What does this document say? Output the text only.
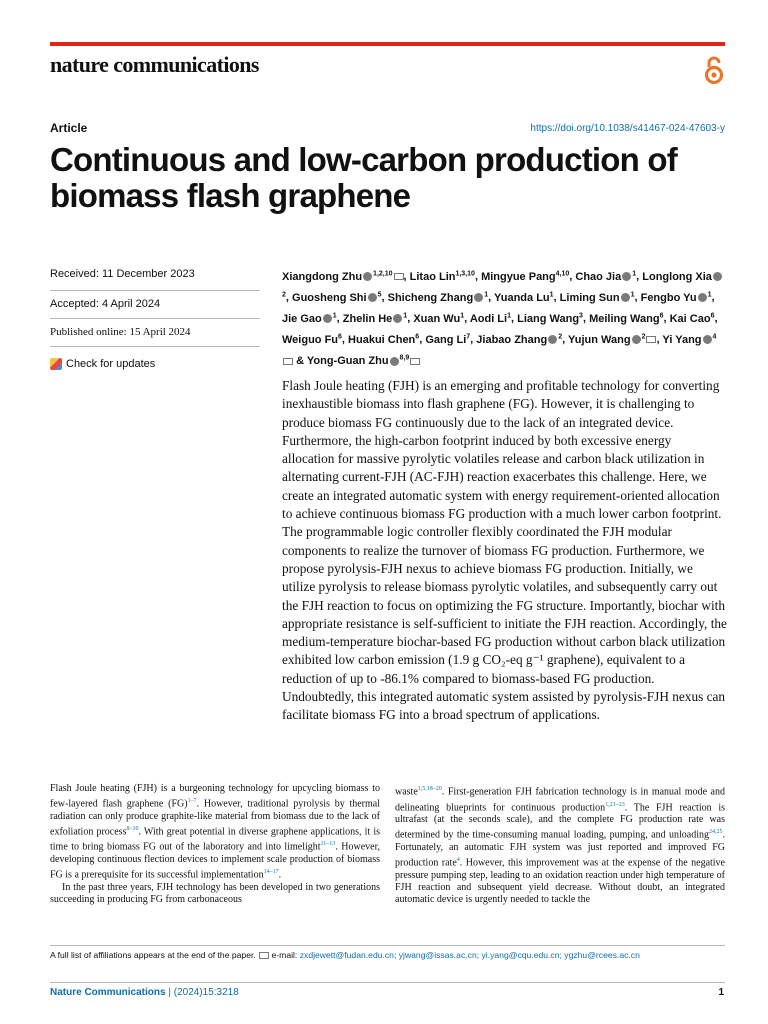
nature communications
Article	https://doi.org/10.1038/s41467-024-47603-y
Continuous and low-carbon production of biomass flash graphene
Received: 11 December 2023
Accepted: 4 April 2024
Published online: 15 April 2024
Check for updates
Xiangdong Zhu $^{1,2,10}$ , Litao Lin$^{1,3,10}$, Mingyue Pang$^{4,10}$, Chao Jia $^1$, Longlong Xia$^2$, Guosheng Shi $^5$, Shicheng Zhang $^1$, Yuanda Lu$^1$, Liming Sun $^1$, Fengbo Yu $^1$, Jie Gao $^1$, Zhelin He $^1$, Xuan Wu$^1$, Aodi Li$^1$, Liang Wang$^3$, Meiling Wang$^6$, Kai Cao$^6$, Weiguo Fu$^6$, Huakui Chen$^6$, Gang Li$^7$, Jiabao Zhang $^2$, Yujun Wang $^2$ , Yi Yang $^4$ & Yong-Guan Zhu $^{8,9}$
Flash Joule heating (FJH) is an emerging and profitable technology for converting inexhaustible biomass into flash graphene (FG). However, it is challenging to produce biomass FG continuously due to the lack of an integrated device. Furthermore, the high-carbon footprint induced by both excessive energy allocation for massive pyrolytic volatiles release and carbon black utilization in alternating current-FJH (AC-FJH) reaction exacerbates this challenge. Here, we create an integrated automatic system with energy requirement-oriented allocation to achieve continuous biomass FG production with a much lower carbon footprint. The programmable logic controller flexibly coordinated the FJH modular components to realize the turnover of biomass FG production. Furthermore, we propose pyrolysis-FJH nexus to achieve biomass FG production. Initially, we utilize pyrolysis to release biomass pyrolytic volatiles, and subsequently carry out the FJH reaction to focus on optimizing the FG structure. Importantly, biochar with appropriate resistance is self-sufficient to initiate the FJH reaction. Accordingly, the medium-temperature biochar-based FG production without carbon black utilization exhibited low carbon emission (1.9 g CO₂-eq g⁻¹ graphene), equivalent to a reduction of up to -86.1% compared to biomass-based FG production. Undoubtedly, this integrated automatic system assisted by pyrolysis-FJH nexus can facilitate biomass FG into a broad spectrum of applications.
Flash Joule heating (FJH) is a burgeoning technology for upcycling biomass to few-layered flash graphene (FG)$^{1-7}$. However, traditional pyrolysis by thermal radiation can only produce graphite-like material from biomass due to the lack of exfoliation process$^{8-10}$. With great potential in diverse graphene applications, it is time to bring biomass FG out of the laboratory and into limelight$^{11-13}$. However, developing continuous flection devices to implement scale production of biomass FG is a prerequisite for its successful implementation$^{14-17}$.
In the past three years, FJH technology has been developed in two generations succeeding in producing FG from carbonaceous
waste$^{1,5,18-20}$. First-generation FJH fabrication technology is in manual mode and delineating blueprints for continuous production$^{1,21-23}$. The FJH reaction is ultrafast (at the seconds scale), and the complete FG production rate was determined by the time-consuming manual loading, pumping, and unloading$^{24,25}$. Fortunately, an automatic FJH system was just reported and improved FG production rate$^4$. However, this improvement was at the expense of the negative pressure pumping step, leading to an oxidation reaction under high temperature of FJH reaction and subsequent yield decrease. Without doubt, an integrated automatic device is urgently needed to tackle the
A full list of affiliations appears at the end of the paper. e-mail: zxdjewett@fudan.edu.cn; yjwang@issas.ac.cn; yi.yang@cqu.edu.cn; ygzhu@rcees.ac.cn
Nature Communications | (2024)15:3218	1
